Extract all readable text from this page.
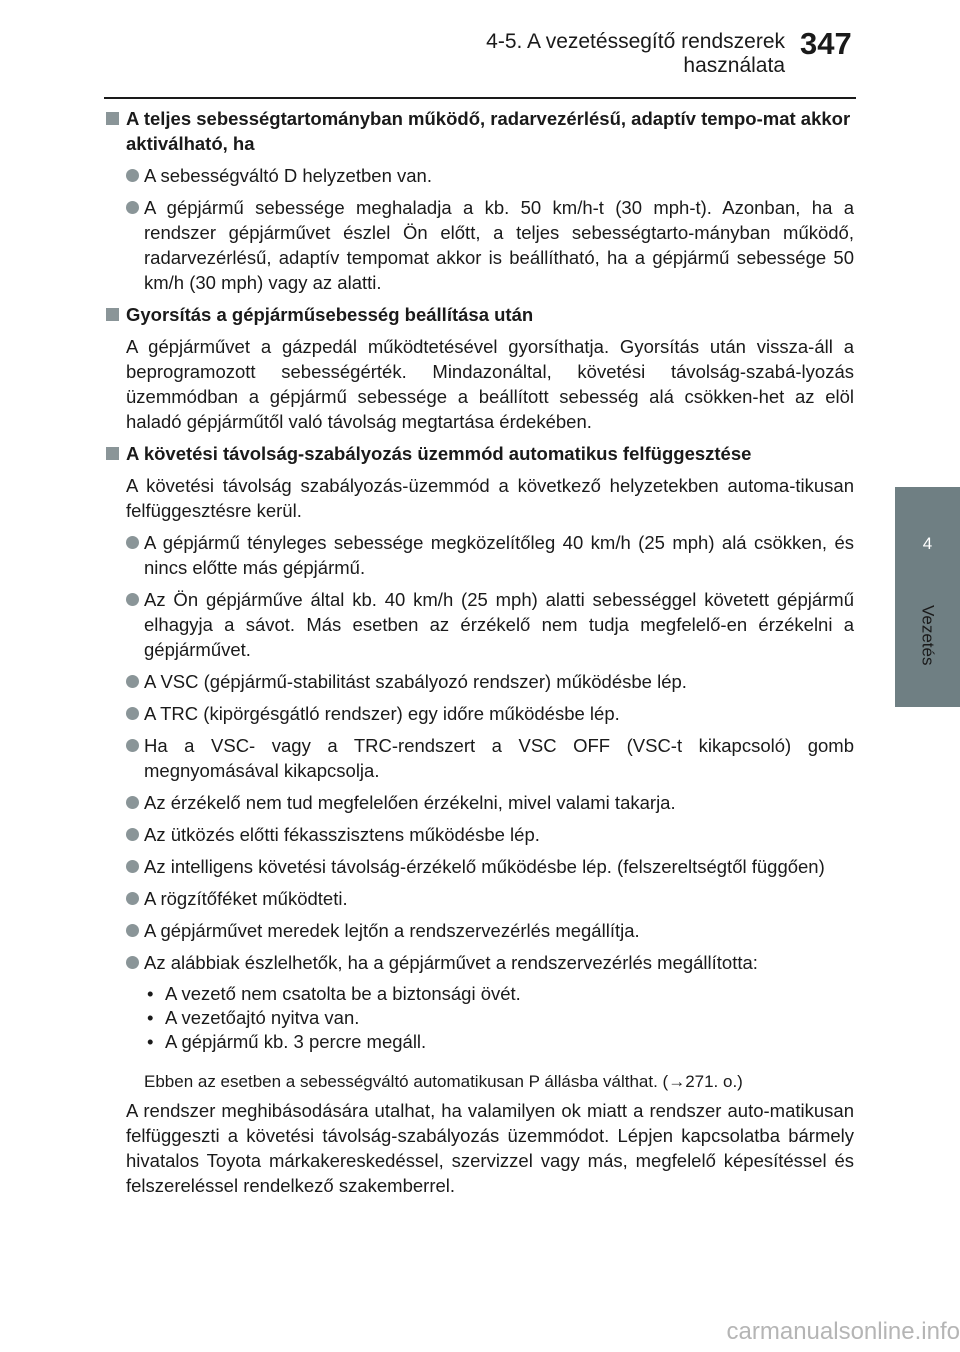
4-5. A vezetéssegítő rendszerek használata
347
4
Vezetés
A teljes sebességtartományban működő, radarvezérlésű, adaptív tempo-mat akkor aktiválható, ha
A sebességváltó D helyzetben van.
A gépjármű sebessége meghaladja a kb. 50 km/h-t (30 mph-t). Azonban, ha a rendszer gépjárművet észlel Ön előtt, a teljes sebességtarto-mányban működő, radarvezérlésű, adaptív tempomat akkor is beállítható, ha a gépjármű sebessége 50 km/h (30 mph) vagy az alatti.
Gyorsítás a gépjárműsebesség beállítása után
A gépjárművet a gázpedál működtetésével gyorsíthatja. Gyorsítás után vissza-áll a beprogramozott sebességérték. Mindazonáltal, követési távolság-szabá-lyozás üzemmódban a gépjármű sebessége a beállított sebesség alá csökken-het az elöl haladó gépjárműtől való távolság megtartása érdekében.
A követési távolság-szabályozás üzemmód automatikus felfüggesztése
A követési távolság szabályozás-üzemmód a következő helyzetekben automa-tikusan felfüggesztésre kerül.
A gépjármű tényleges sebessége megközelítőleg 40 km/h (25 mph) alá csökken, és nincs előtte más gépjármű.
Az Ön gépjárműve által kb. 40 km/h (25 mph) alatti sebességgel követett gépjármű elhagyja a sávot. Más esetben az érzékelő nem tudja megfelelő-en érzékelni a gépjárművet.
A VSC (gépjármű-stabilitást szabályozó rendszer) működésbe lép.
A TRC (kipörgésgátló rendszer) egy időre működésbe lép.
Ha a VSC- vagy a TRC-rendszert a VSC OFF (VSC-t kikapcsoló) gomb megnyomásával kikapcsolja.
Az érzékelő nem tud megfelelően érzékelni, mivel valami takarja.
Az ütközés előtti fékasszisztens működésbe lép.
Az intelligens követési távolság-érzékelő működésbe lép. (felszereltségtől függően)
A rögzítőféket működteti.
A gépjárművet meredek lejtőn a rendszervezérlés megállítja.
Az alábbiak észlelhetők, ha a gépjárművet a rendszervezérlés megállította:
• A vezető nem csatolta be a biztonsági övét.
• A vezetőajtó nyitva van.
• A gépjármű kb. 3 percre megáll.
Ebben az esetben a sebességváltó automatikusan P állásba válthat. (→271. o.)
A rendszer meghibásodására utalhat, ha valamilyen ok miatt a rendszer auto-matikusan felfüggeszti a követési távolság-szabályozás üzemmódot. Lépjen kapcsolatba bármely hivatalos Toyota márkakereskedéssel, szervizzel vagy más, megfelelő képesítéssel és felszereléssel rendelkező szakemberrel.
carmanualsonline.info
